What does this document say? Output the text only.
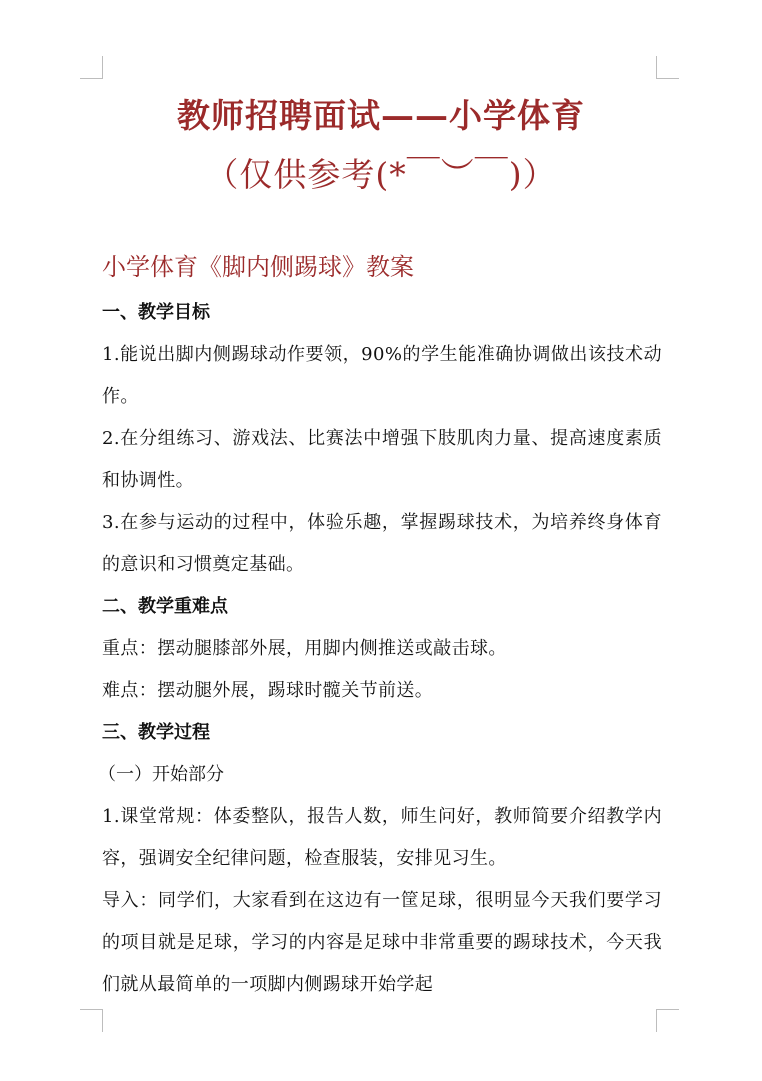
教师招聘面试——小学体育
（仅供参考(*￣︶￣)）
小学体育《脚内侧踢球》教案
一、教学目标
1.能说出脚内侧踢球动作要领，90%的学生能准确协调做出该技术动作。
2.在分组练习、游戏法、比赛法中增强下肢肌肉力量、提高速度素质和协调性。
3.在参与运动的过程中，体验乐趣，掌握踢球技术，为培养终身体育的意识和习惯奠定基础。
二、教学重难点
重点：摆动腿膝部外展，用脚内侧推送或敲击球。
难点：摆动腿外展，踢球时髋关节前送。
三、教学过程
（一）开始部分
1.课堂常规：体委整队，报告人数，师生问好，教师简要介绍教学内容，强调安全纪律问题，检查服装，安排见习生。
导入：同学们，大家看到在这边有一筐足球，很明显今天我们要学习的项目就是足球，学习的内容是足球中非常重要的踢球技术，今天我们就从最简单的一项脚内侧踢球开始学起
